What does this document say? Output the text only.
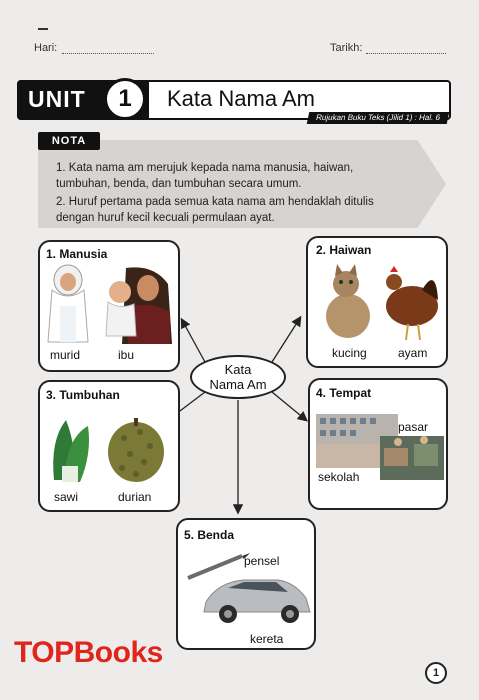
Hari:	Tarikh:
UNIT	1	Kata Nama Am
Rujukan Buku Teks (Jilid 1) : Hal. 6
NOTA
1. Kata nama am merujuk kepada nama manusia, haiwan, tumbuhan, benda, dan tumbuhan secara umum.
2. Huruf pertama pada semua kata nama am hendaklah ditulis dengan huruf kecil kecuali permulaan ayat.
1. Manusia
murid	ibu
2. Haiwan
kucing	ayam
Kata
Nama Am
3. Tumbuhan
sawi	durian
4. Tempat
pasar
sekolah
5. Benda
pensel
kereta
TOPBooks
1
